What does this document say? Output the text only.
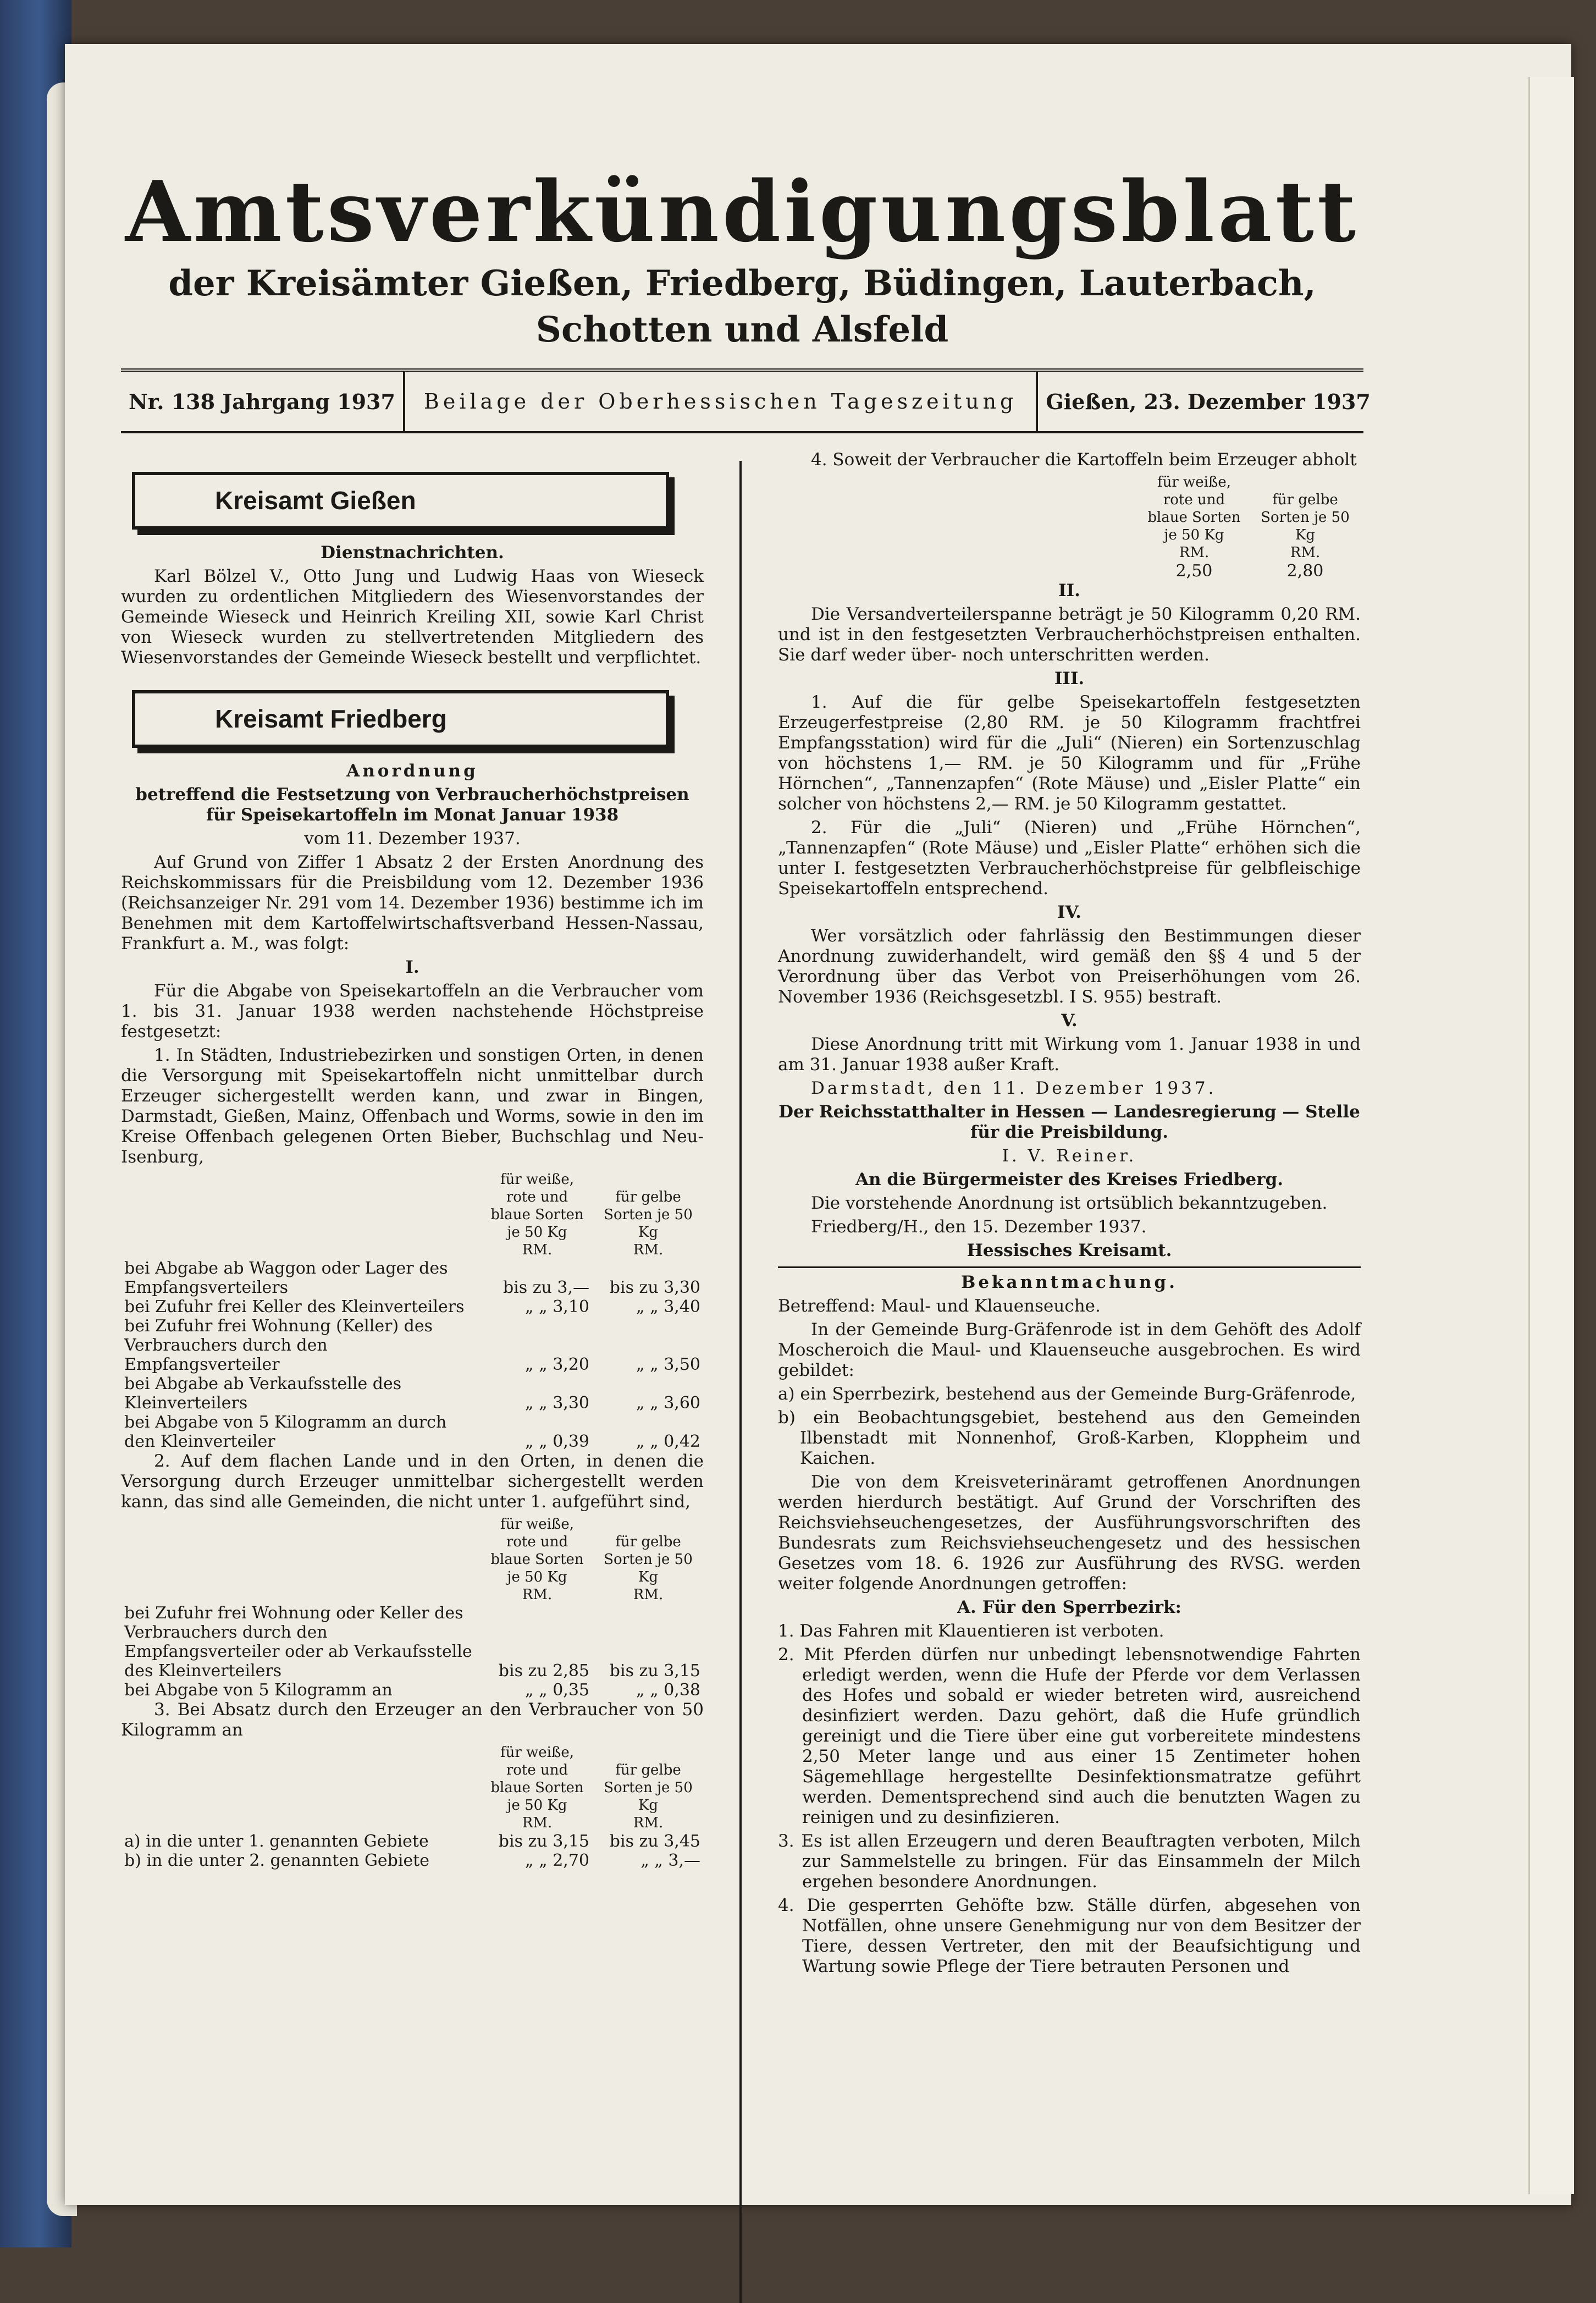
Amtsverkündigungsblatt
der Kreisämter Gießen, Friedberg, Büdingen, Lauterbach, Schotten und Alsfeld
Nr. 138 Jahrgang 1937	Beilage der Oberhessischen Tageszeitung	Gießen, 23. Dezember 1937
Kreisamt Gießen

Dienstnachrichten.

Karl Bölzel V., Otto Jung und Ludwig Haas von Wieseck wurden zu ordentlichen Mitgliedern des Wiesenvorstandes der Gemeinde Wieseck und Heinrich Kreiling XII, sowie Karl Christ von Wieseck wurden zu stellvertretenden Mitgliedern des Wiesenvorstandes der Gemeinde Wieseck bestellt und verpflichtet.

Kreisamt Friedberg

Anordnung

betreffend die Festsetzung von Verbraucherhöchstpreisen für Speisekartoffeln im Monat Januar 1938

vom 11. Dezember 1937.

Auf Grund von Ziffer 1 Absatz 2 der Ersten Anordnung des Reichskommissars für die Preisbildung vom 12. Dezember 1936 (Reichsanzeiger Nr. 291 vom 14. Dezember 1936) bestimme ich im Benehmen mit dem Kartoffelwirtschaftsverband Hessen-Nassau, Frankfurt a. M., was folgt:

I.

Für die Abgabe von Speisekartoffeln an die Verbraucher vom 1. bis 31. Januar 1938 werden nachstehende Höchstpreise festgesetzt:

1. In Städten, Industriebezirken und sonstigen Orten, in denen die Versorgung mit Speisekartoffeln nicht unmittelbar durch Erzeuger sichergestellt werden kann, und zwar in Bingen, Darmstadt, Gießen, Mainz, Offenbach und Worms, sowie in den im Kreise Offenbach gelegenen Orten Bieber, Buchschlag und Neu-Isenburg,

	für weiße, rote und blaue Sorten je 50 Kg	für gelbe Sorten je 50 Kg
	RM.	RM.
bei Abgabe ab Waggon oder Lager des Empfangsverteilers	bis zu 3,—	bis zu 3,30
bei Zufuhr frei Keller des Kleinverteilers	„ „ 3,10	„ „ 3,40
bei Zufuhr frei Wohnung (Keller) des Verbrauchers durch den Empfangsverteiler	„ „ 3,20	„ „ 3,50
bei Abgabe ab Verkaufsstelle des Kleinverteilers	„ „ 3,30	„ „ 3,60
bei Abgabe von 5 Kilogramm an durch den Kleinverteiler	„ „ 0,39	„ „ 0,42

2. Auf dem flachen Lande und in den Orten, in denen die Versorgung durch Erzeuger unmittelbar sichergestellt werden kann, das sind alle Gemeinden, die nicht unter 1. aufgeführt sind,

	für weiße, rote und blaue Sorten je 50 Kg	für gelbe Sorten je 50 Kg
	RM.	RM.
bei Zufuhr frei Wohnung oder Keller des Verbrauchers durch den Empfangsverteiler oder ab Verkaufsstelle des Kleinverteilers	bis zu 2,85	bis zu 3,15
bei Abgabe von 5 Kilogramm an	„ „ 0,35	„ „ 0,38

3. Bei Absatz durch den Erzeuger an den Verbraucher von 50 Kilogramm an

	für weiße, rote und blaue Sorten je 50 Kg	für gelbe Sorten je 50 Kg
	RM.	RM.
a) in die unter 1. genannten Gebiete	bis zu 3,15	bis zu 3,45
b) in die unter 2. genannten Gebiete	„ „ 2,70	„ „ 3,—

4. Soweit der Verbraucher die Kartoffeln beim Erzeuger abholt

	für weiße, rote und blaue Sorten je 50 Kg	für gelbe Sorten je 50 Kg
	RM.	RM.
	2,50	2,80

II.

Die Versandverteilerspanne beträgt je 50 Kilogramm 0,20 RM. und ist in den festgesetzten Verbraucherhöchstpreisen enthalten. Sie darf weder über- noch unterschritten werden.

III.

1. Auf die für gelbe Speisekartoffeln festgesetzten Erzeugerfestpreise (2,80 RM. je 50 Kilogramm frachtfrei Empfangsstation) wird für die „Juli“ (Nieren) ein Sortenzuschlag von höchstens 1,— RM. je 50 Kilogramm und für „Frühe Hörnchen“, „Tannenzapfen“ (Rote Mäuse) und „Eisler Platte“ ein solcher von höchstens 2,— RM. je 50 Kilogramm gestattet.

2. Für die „Juli“ (Nieren) und „Frühe Hörnchen“, „Tannenzapfen“ (Rote Mäuse) und „Eisler Platte“ erhöhen sich die unter I. festgesetzten Verbraucherhöchstpreise für gelbfleischige Speisekartoffeln entsprechend.

IV.

Wer vorsätzlich oder fahrlässig den Bestimmungen dieser Anordnung zuwiderhandelt, wird gemäß den §§ 4 und 5 der Verordnung über das Verbot von Preiserhöhungen vom 26. November 1936 (Reichsgesetzbl. I S. 955) bestraft.

V.

Diese Anordnung tritt mit Wirkung vom 1. Januar 1938 in und am 31. Januar 1938 außer Kraft.

Darmstadt, den 11. Dezember 1937.

Der Reichsstatthalter in Hessen — Landesregierung — Stelle für die Preisbildung.

I. V. Reiner.

An die Bürgermeister des Kreises Friedberg.

Die vorstehende Anordnung ist ortsüblich bekanntzugeben.

Friedberg/H., den 15. Dezember 1937.

Hessisches Kreisamt.

Bekanntmachung.

Betreffend: Maul- und Klauenseuche.

In der Gemeinde Burg-Gräfenrode ist in dem Gehöft des Adolf Moscheroich die Maul- und Klauenseuche ausgebrochen. Es wird gebildet:

a) ein Sperrbezirk, bestehend aus der Gemeinde Burg-Gräfenrode,

b) ein Beobachtungsgebiet, bestehend aus den Gemeinden Ilbenstadt mit Nonnenhof, Groß-Karben, Kloppheim und Kaichen.

Die von dem Kreisveterinäramt getroffenen Anordnungen werden hierdurch bestätigt. Auf Grund der Vorschriften des Reichsviehseuchengesetzes, der Ausführungsvorschriften des Bundesrats zum Reichsviehseuchengesetz und des hessischen Gesetzes vom 18. 6. 1926 zur Ausführung des RVSG. werden weiter folgende Anordnungen getroffen:

A. Für den Sperrbezirk:

1. Das Fahren mit Klauentieren ist verboten.

2. Mit Pferden dürfen nur unbedingt lebensnotwendige Fahrten erledigt werden, wenn die Hufe der Pferde vor dem Verlassen des Hofes und sobald er wieder betreten wird, ausreichend desinfiziert werden. Dazu gehört, daß die Hufe gründlich gereinigt und die Tiere über eine gut vorbereitete mindestens 2,50 Meter lange und aus einer 15 Zentimeter hohen Sägemehllage hergestellte Desinfektionsmatratze geführt werden. Dementsprechend sind auch die benutzten Wagen zu reinigen und zu desinfizieren.

3. Es ist allen Erzeugern und deren Beauftragten verboten, Milch zur Sammelstelle zu bringen. Für das Einsammeln der Milch ergehen besondere Anordnungen.

4. Die gesperrten Gehöfte bzw. Ställe dürfen, abgesehen von Notfällen, ohne unsere Genehmigung nur von dem Besitzer der Tiere, dessen Vertreter, den mit der Beaufsichtigung und Wartung sowie Pflege der Tiere betrauten Personen und
